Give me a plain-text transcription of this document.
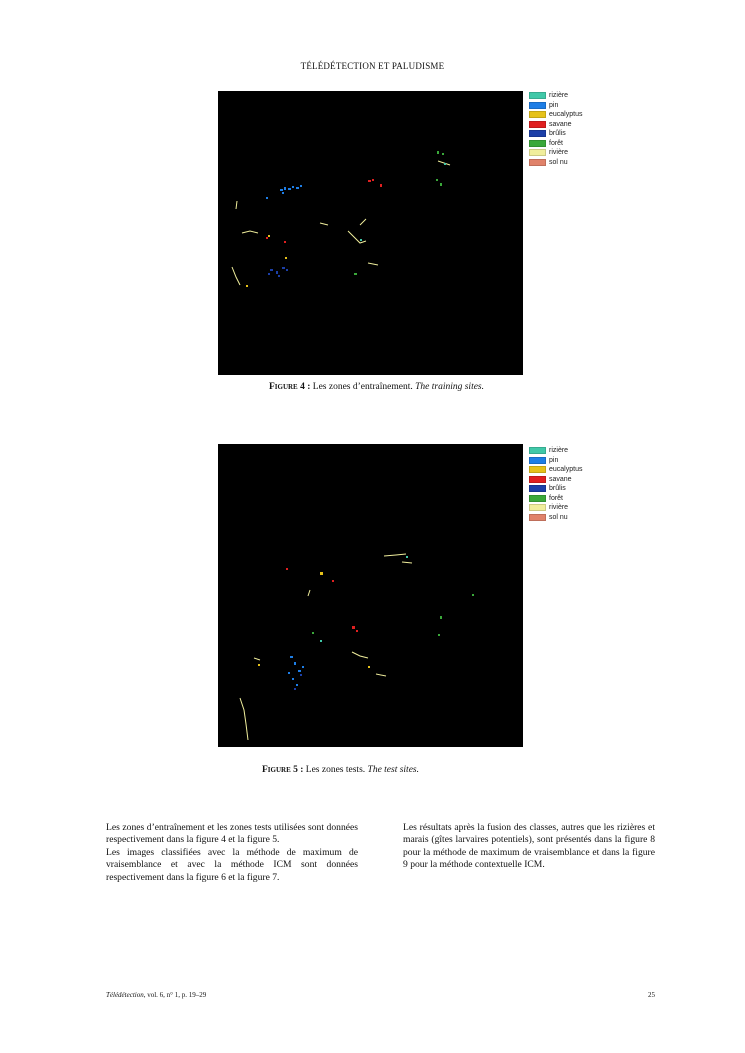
TÉLÉDÉTECTION ET PALUDISME
rizière
pin
eucalyptus
savane
brûlis
forêt
rivière
sol nu
Figure 4 : Les zones d’entraînement. The training sites.
rizière
pin
eucalyptus
savane
brûlis
forêt
rivière
sol nu
Figure 5 : Les zones tests. The test sites.

Les zones d’entraînement et les zones tests utilisées sont données respectivement dans la figure 4 et la figure 5.

Les images classifiées avec la méthode de maximum de vraisemblance et avec la méthode ICM sont données respectivement dans la figure 6 et la figure 7.

Les résultats après la fusion des classes, autres que les rizières et marais (gîtes larvaires potentiels), sont présentés dans la figure 8 pour la méthode de maximum de vraisemblance et dans la figure 9 pour la méthode contextuelle ICM.

Télédétection, vol. 6, n° 1, p. 19–29	25
